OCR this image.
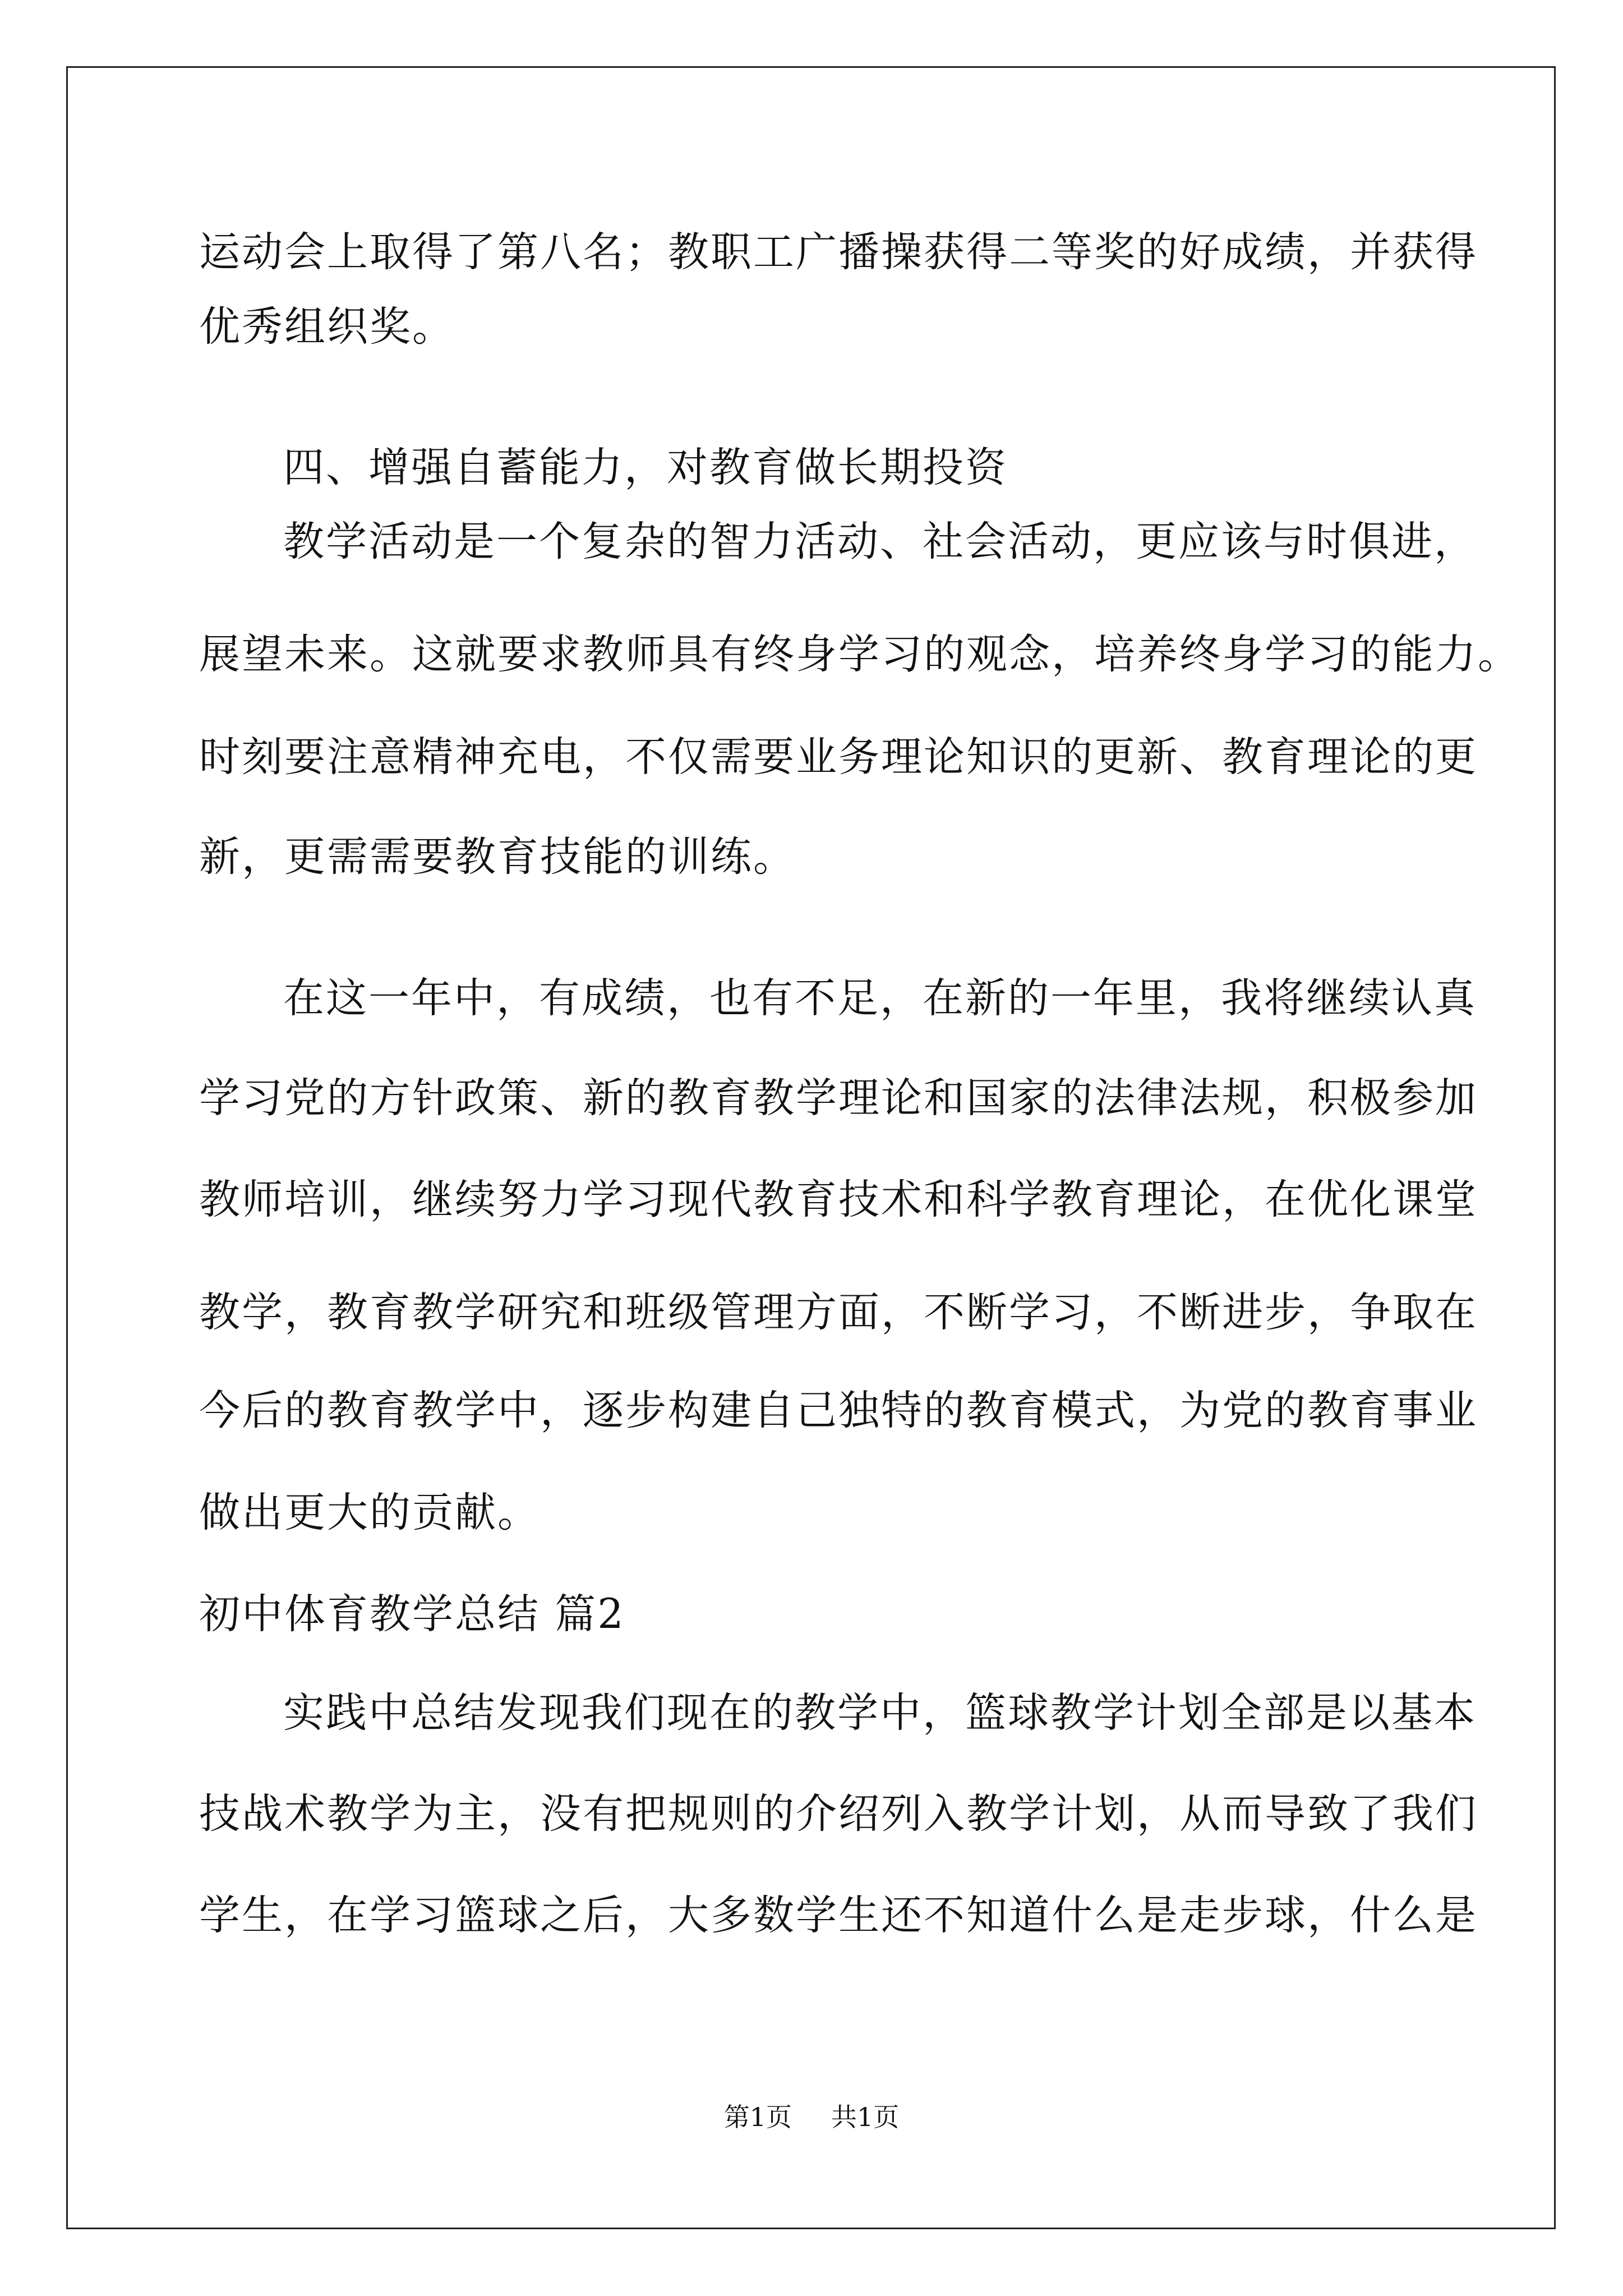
运动会上取得了第八名；教职工广播操获得二等奖的好成绩，并获得
优秀组织奖。
四、增强自蓄能力，对教育做长期投资
教学活动是一个复杂的智力活动、社会活动，更应该与时俱进，
展望未来。这就要求教师具有终身学习的观念，培养终身学习的能力。
时刻要注意精神充电，不仅需要业务理论知识的更新、教育理论的更
新，更需需要教育技能的训练。
在这一年中，有成绩，也有不足，在新的一年里，我将继续认真
学习党的方针政策、新的教育教学理论和国家的法律法规，积极参加
教师培训，继续努力学习现代教育技术和科学教育理论，在优化课堂
教学，教育教学研究和班级管理方面，不断学习，不断进步，争取在
今后的教育教学中，逐步构建自己独特的教育模式，为党的教育事业
做出更大的贡献。
初中体育教学总结 篇2
实践中总结发现我们现在的教学中，篮球教学计划全部是以基本
技战术教学为主，没有把规则的介绍列入教学计划，从而导致了我们
学生，在学习篮球之后，大多数学生还不知道什么是走步球，什么是
第1页 共1页
